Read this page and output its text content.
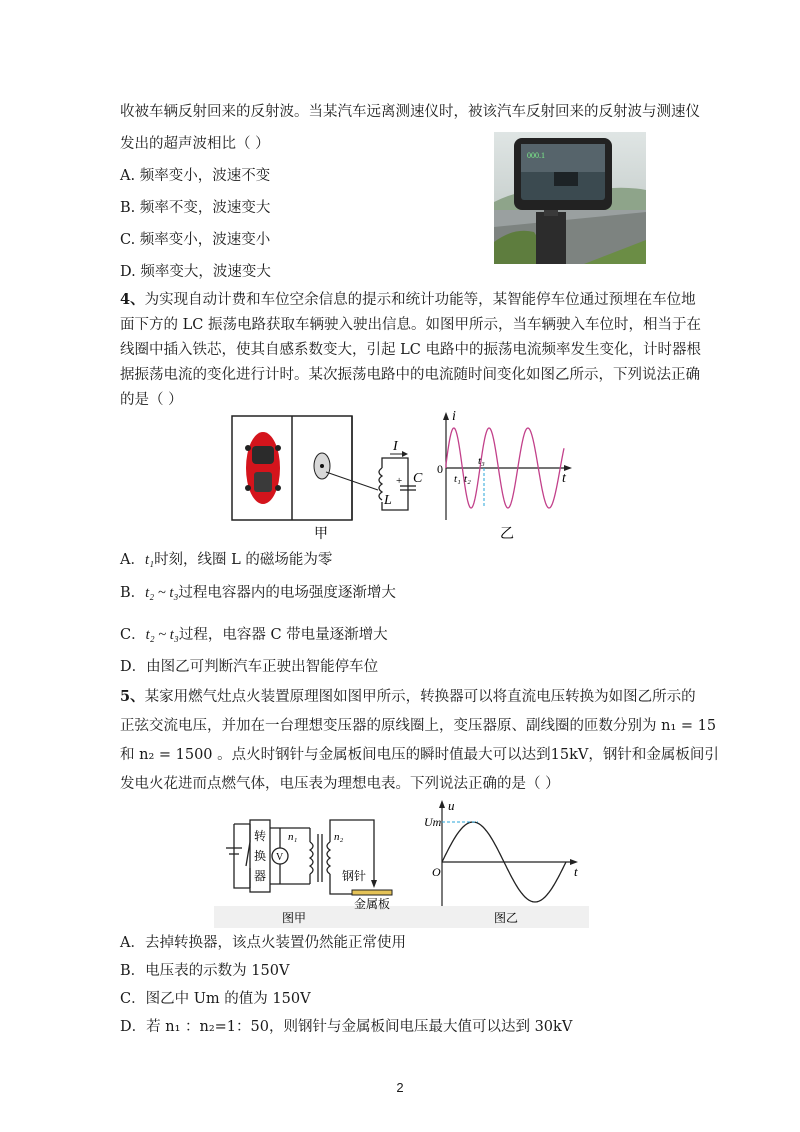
收被车辆反射回来的反射波。当某汽车远离测速仪时，被该汽车反射回来的反射波与测速仪
发出的超声波相比（ ）
A. 频率变小，波速不变
B. 频率不变，波速变大
C. 频率变小，波速变小
D. 频率变大，波速变大
000.1
4、为实现自动计费和车位空余信息的提示和统计功能等，某智能停车位通过预埋在车位地
面下方的 LC 振荡电路获取车辆驶入驶出信息。如图甲所示，当车辆驶入车位时，相当于在
线圈中插入铁芯，使其自感系数变大，引起 LC 电路中的振荡电流频率发生变化，计时器根
据振荡电流的变化进行计时。某次振荡电路中的电流随时间变化如图乙所示，下列说法正确
的是（ ）
I
L
C
+
甲
i
0
t
t₁ t₂
t₃
乙
A．t₁时刻，线圈 L 的磁场能为零
B．t₂ ~ t₃过程电容器内的电场强度逐渐增大
C．t₂ ~ t₃过程，电容器 C 带电量逐渐增大
D．由图乙可判断汽车正驶出智能停车位
5、某家用燃气灶点火装置原理图如图甲所示，转换器可以将直流电压转换为如图乙所示的
正弦交流电压，并加在一台理想变压器的原线圈上，变压器原、副线圈的匝数分别为 n₁ = 15
和 n₂ = 1500 。点火时钢针与金属板间电压的瞬时值最大可以达到15kV，钢针和金属板间引
发电火花进而点燃气体，电压表为理想电表。下列说法正确的是（ ）
转
换
器
V
n₁	n₂
钢针
金属板
图甲
u
Um
O	t
图乙
A．去掉转换器，该点火装置仍然能正常使用
B．电压表的示数为 150V
C．图乙中 Um 的值为 150V
D．若 n₁ ：n₂=1：50，则钢针与金属板间电压最大值可以达到 30kV
2
